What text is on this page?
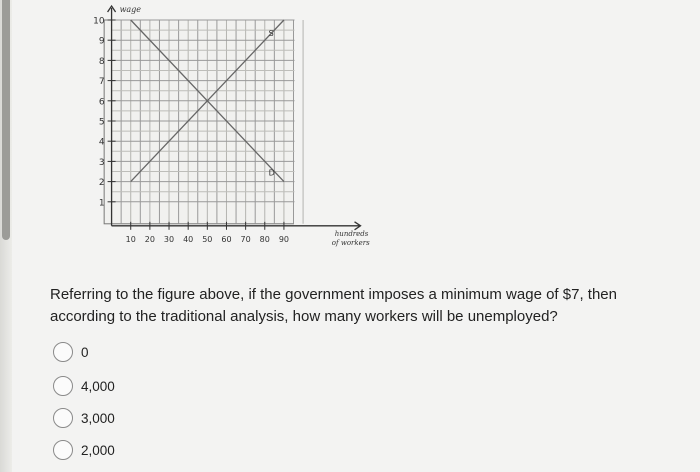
10
9
8
7
6
5
4
3
2
1
10 20 30 40 50 60 70 80 90
wage
hundreds
of workers
S
D
Referring to the figure above, if the government imposes a minimum wage of $7, then according to the traditional analysis, how many workers will be unemployed?
0
4,000
3,000
2,000
